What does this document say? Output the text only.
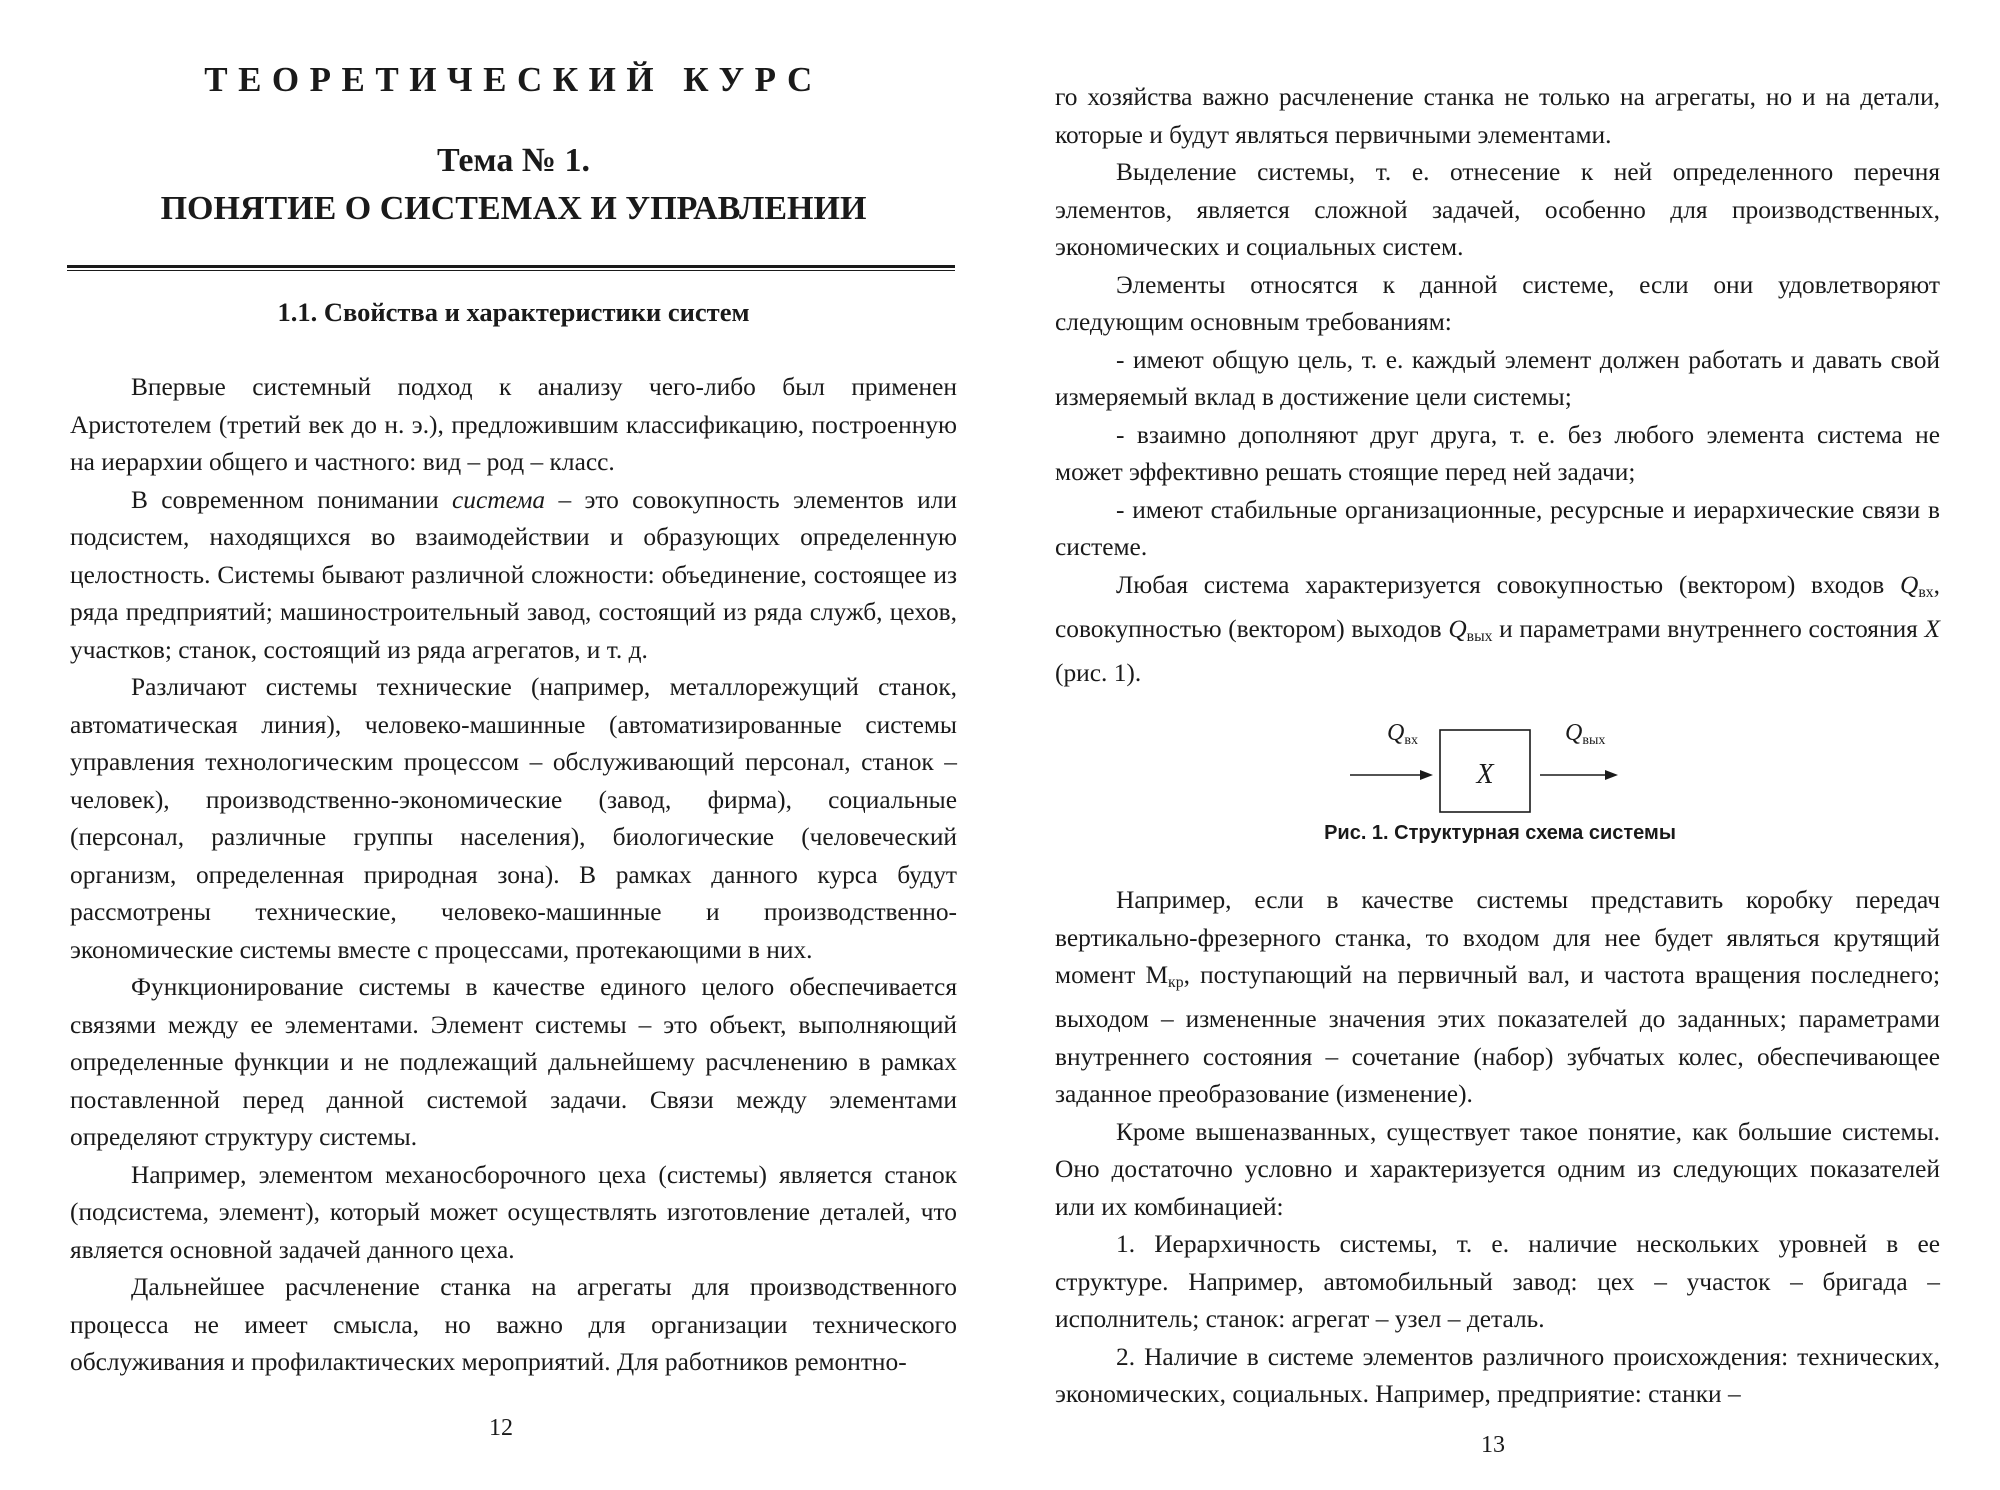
ТЕОРЕТИЧЕСКИЙ КУРС

Тема № 1.

ПОНЯТИЕ О СИСТЕМАХ И УПРАВЛЕНИИ

1.1. Свойства и характеристики систем

Впервые системный подход к анализу чего-либо был применен Аристотелем (третий век до н. э.), предложившим классификацию, построенную на иерархии общего и частного: вид – род – класс.

В современном понимании система – это совокупность элементов или подсистем, находящихся во взаимодействии и образующих определенную целостность. Системы бывают различной сложности: объединение, состоящее из ряда предприятий; машиностроительный завод, состоящий из ряда служб, цехов, участков; станок, состоящий из ряда агрегатов, и т. д.

Различают системы технические (например, металлорежущий станок, автоматическая линия), человеко-машинные (автоматизированные системы управления технологическим процессом – обслуживающий персонал, станок – человек), производственно-экономические (завод, фирма), социальные (персонал, различные группы населения), биологические (человеческий организм, определенная природная зона). В рамках данного курса будут рассмотрены технические, человеко-машинные и производственно-экономические системы вместе с процессами, протекающими в них.

Функционирование системы в качестве единого целого обеспечивается связями между ее элементами. Элемент системы – это объект, выполняющий определенные функции и не подлежащий дальнейшему расчленению в рамках поставленной перед данной системой задачи. Связи между элементами определяют структуру системы.

Например, элементом механосборочного цеха (системы) является станок (подсистема, элемент), который может осуществлять изготовление деталей, что является основной задачей данного цеха.

Дальнейшее расчленение станка на агрегаты для производственного процесса не имеет смысла, но важно для организации технического обслуживания и профилактических мероприятий. Для работников ремонтно-

12

го хозяйства важно расчленение станка не только на агрегаты, но и на детали, которые и будут являться первичными элементами.

Выделение системы, т. е. отнесение к ней определенного перечня элементов, является сложной задачей, особенно для производственных, экономических и социальных систем.

Элементы относятся к данной системе, если они удовлетворяют следующим основным требованиям:

- имеют общую цель, т. е. каждый элемент должен работать и давать свой измеряемый вклад в достижение цели системы;

- взаимно дополняют друг друга, т. е. без любого элемента система не может эффективно решать стоящие перед ней задачи;

- имеют стабильные организационные, ресурсные и иерархические связи в системе.

Любая система характеризуется совокупностью (вектором) входов $Q_{вх}$, совокупностью (вектором) выходов $Q_{вых}$ и параметрами внутреннего состояния X (рис. 1).

Qвх
X
Qвых

Рис. 1. Структурная схема системы

Например, если в качестве системы представить коробку передач вертикально-фрезерного станка, то входом для нее будет являться крутящий момент $М_{кр}$, поступающий на первичный вал, и частота вращения последнего; выходом – измененные значения этих показателей до заданных; параметрами внутреннего состояния – сочетание (набор) зубчатых колес, обеспечивающее заданное преобразование (изменение).

Кроме вышеназванных, существует такое понятие, как большие системы. Оно достаточно условно и характеризуется одним из следующих показателей или их комбинацией:

1. Иерархичность системы, т. е. наличие нескольких уровней в ее структуре. Например, автомобильный завод: цех – участок – бригада – исполнитель; станок: агрегат – узел – деталь.

2. Наличие в системе элементов различного происхождения: технических, экономических, социальных. Например, предприятие: станки –

13
